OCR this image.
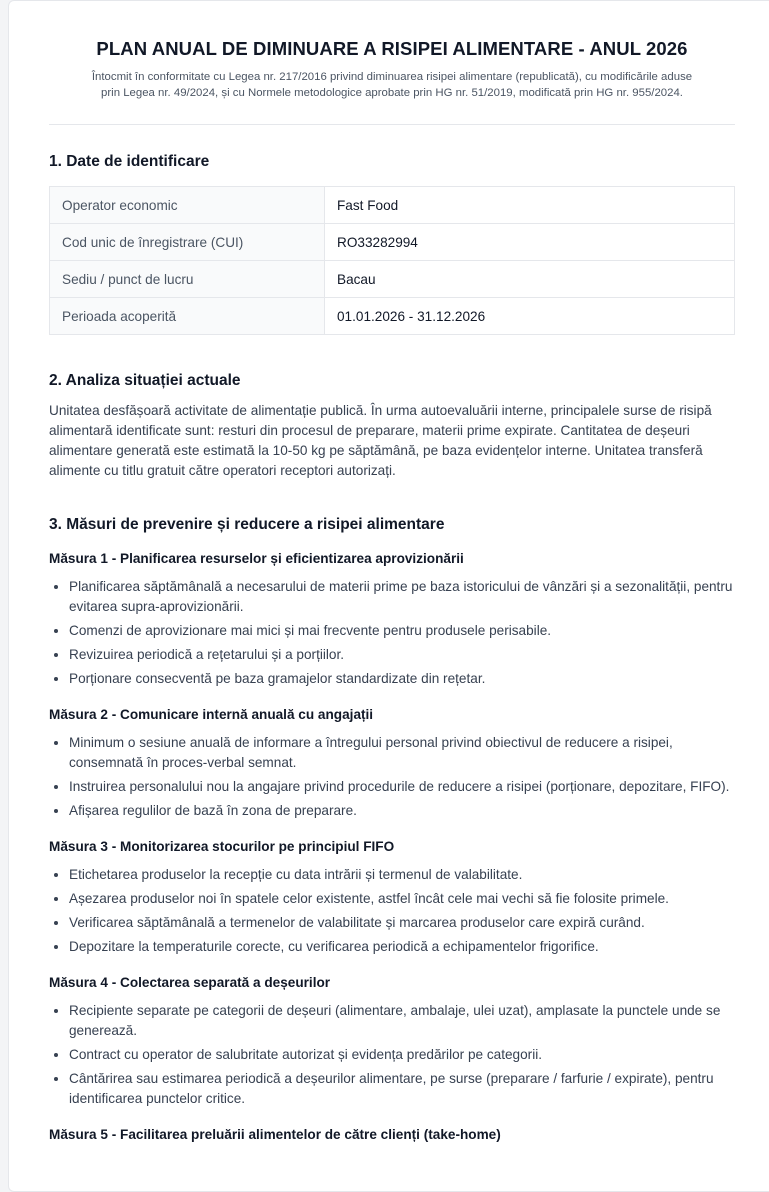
PLAN ANUAL DE DIMINUARE A RISIPEI ALIMENTARE - ANUL 2026
Întocmit în conformitate cu Legea nr. 217/2016 privind diminuarea risipei alimentare (republicată), cu modificările aduse
prin Legea nr. 49/2024, și cu Normele metodologice aprobate prin HG nr. 51/2019, modificată prin HG nr. 955/2024.
1. Date de identificare
Operator economic	Fast Food
Cod unic de înregistrare (CUI)	RO33282994
Sediu / punct de lucru	Bacau
Perioada acoperită	01.01.2026 - 31.12.2026
2. Analiza situației actuale

Unitatea desfășoară activitate de alimentație publică. În urma autoevaluării interne, principalele surse de risipă alimentară identificate sunt: resturi din procesul de preparare, materii prime expirate. Cantitatea de deșeuri alimentare generată este estimată la 10-50 kg pe săptămână, pe baza evidențelor interne. Unitatea transferă alimente cu titlu gratuit către operatori receptori autorizați.

3. Măsuri de prevenire și reducere a risipei alimentare
Măsura 1 - Planificarea resurselor și eficientizarea aprovizionării
• Planificarea săptămânală a necesarului de materii prime pe baza istoricului de vânzări și a sezonalității, pentru evitarea supra-aprovizionării.
• Comenzi de aprovizionare mai mici și mai frecvente pentru produsele perisabile.
• Revizuirea periodică a rețetarului și a porțiilor.
• Porționare consecventă pe baza gramajelor standardizate din rețetar.
Măsura 2 - Comunicare internă anuală cu angajații
• Minimum o sesiune anuală de informare a întregului personal privind obiectivul de reducere a risipei, consemnată în proces-verbal semnat.
• Instruirea personalului nou la angajare privind procedurile de reducere a risipei (porționare, depozitare, FIFO).
• Afișarea regulilor de bază în zona de preparare.
Măsura 3 - Monitorizarea stocurilor pe principiul FIFO
• Etichetarea produselor la recepție cu data intrării și termenul de valabilitate.
• Așezarea produselor noi în spatele celor existente, astfel încât cele mai vechi să fie folosite primele.
• Verificarea săptămânală a termenelor de valabilitate și marcarea produselor care expiră curând.
• Depozitare la temperaturile corecte, cu verificarea periodică a echipamentelor frigorifice.
Măsura 4 - Colectarea separată a deșeurilor
• Recipiente separate pe categorii de deșeuri (alimentare, ambalaje, ulei uzat), amplasate la punctele unde se generează.
• Contract cu operator de salubritate autorizat și evidența predărilor pe categorii.
• Cântărirea sau estimarea periodică a deșeurilor alimentare, pe surse (preparare / farfurie / expirate), pentru identificarea punctelor critice.
Măsura 5 - Facilitarea preluării alimentelor de către clienți (take-home)
